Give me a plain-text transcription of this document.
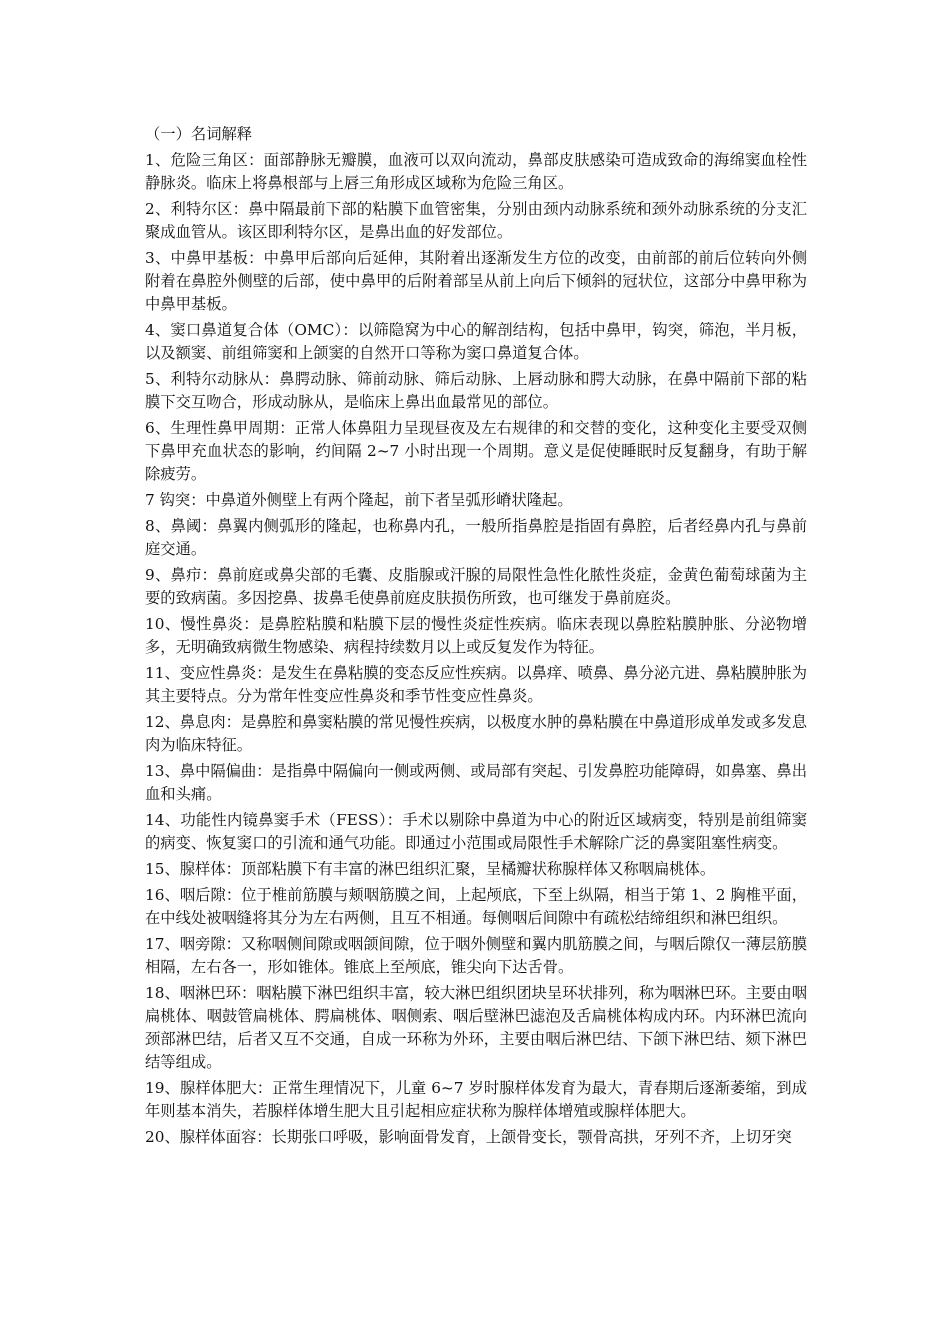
（一）名词解释
1、危险三角区：面部静脉无瓣膜，血液可以双向流动，鼻部皮肤感染可造成致命的海绵窦血栓性静脉炎。临床上将鼻根部与上唇三角形成区域称为危险三角区。
2、利特尔区：鼻中隔最前下部的粘膜下血管密集，分别由颈内动脉系统和颈外动脉系统的分支汇聚成血管从。该区即利特尔区，是鼻出血的好发部位。
3、中鼻甲基板：中鼻甲后部向后延伸，其附着出逐渐发生方位的改变，由前部的前后位转向外侧附着在鼻腔外侧壁的后部，使中鼻甲的后附着部呈从前上向后下倾斜的冠状位，这部分中鼻甲称为中鼻甲基板。
4、窦口鼻道复合体（OMC）：以筛隐窝为中心的解剖结构，包括中鼻甲，钩突，筛泡，半月板，以及额窦、前组筛窦和上颌窦的自然开口等称为窦口鼻道复合体。
5、利特尔动脉从：鼻腭动脉、筛前动脉、筛后动脉、上唇动脉和腭大动脉，在鼻中隔前下部的粘膜下交互吻合，形成动脉从，是临床上鼻出血最常见的部位。
6、生理性鼻甲周期：正常人体鼻阻力呈现昼夜及左右规律的和交替的变化，这种变化主要受双侧下鼻甲充血状态的影响，约间隔 2~7 小时出现一个周期。意义是促使睡眠时反复翻身，有助于解除疲劳。
7 钩突：中鼻道外侧壁上有两个隆起，前下者呈弧形嵴状隆起。
8、鼻阈：鼻翼内侧弧形的隆起，也称鼻内孔，一般所指鼻腔是指固有鼻腔，后者经鼻内孔与鼻前庭交通。
9、鼻疖：鼻前庭或鼻尖部的毛囊、皮脂腺或汗腺的局限性急性化脓性炎症，金黄色葡萄球菌为主要的致病菌。多因挖鼻、拔鼻毛使鼻前庭皮肤损伤所致，也可继发于鼻前庭炎。
10、慢性鼻炎：是鼻腔粘膜和粘膜下层的慢性炎症性疾病。临床表现以鼻腔粘膜肿胀、分泌物增多，无明确致病微生物感染、病程持续数月以上或反复发作为特征。
11、变应性鼻炎：是发生在鼻粘膜的变态反应性疾病。以鼻痒、喷鼻、鼻分泌亢进、鼻粘膜肿胀为其主要特点。分为常年性变应性鼻炎和季节性变应性鼻炎。
12、鼻息肉：是鼻腔和鼻窦粘膜的常见慢性疾病，以极度水肿的鼻粘膜在中鼻道形成单发或多发息肉为临床特征。
13、鼻中隔偏曲：是指鼻中隔偏向一侧或两侧、或局部有突起、引发鼻腔功能障碍，如鼻塞、鼻出血和头痛。
14、功能性内镜鼻窦手术（FESS）：手术以剔除中鼻道为中心的附近区域病变，特别是前组筛窦的病变、恢复窦口的引流和通气功能。即通过小范围或局限性手术解除广泛的鼻窦阻塞性病变。
15、腺样体：顶部粘膜下有丰富的淋巴组织汇聚，呈橘瓣状称腺样体又称咽扁桃体。
16、咽后隙：位于椎前筋膜与颊咽筋膜之间，上起颅底，下至上纵隔，相当于第 1、2 胸椎平面，在中线处被咽缝将其分为左右两侧，且互不相通。每侧咽后间隙中有疏松结缔组织和淋巴组织。
17、咽旁隙：又称咽侧间隙或咽颌间隙，位于咽外侧壁和翼内肌筋膜之间，与咽后隙仅一薄层筋膜相隔，左右各一，形如锥体。锥底上至颅底，锥尖向下达舌骨。
18、咽淋巴环：咽粘膜下淋巴组织丰富，较大淋巴组织团块呈环状排列，称为咽淋巴环。主要由咽扁桃体、咽鼓管扁桃体、腭扁桃体、咽侧索、咽后壁淋巴滤泡及舌扁桃体构成内环。内环淋巴流向颈部淋巴结，后者又互不交通，自成一环称为外环，主要由咽后淋巴结、下颌下淋巴结、颏下淋巴结等组成。
19、腺样体肥大：正常生理情况下，儿童 6~7 岁时腺样体发育为最大，青春期后逐渐萎缩，到成年则基本消失，若腺样体增生肥大且引起相应症状称为腺样体增殖或腺样体肥大。
20、腺样体面容：长期张口呼吸，影响面骨发育，上颌骨变长，颚骨高拱，牙列不齐，上切牙突
